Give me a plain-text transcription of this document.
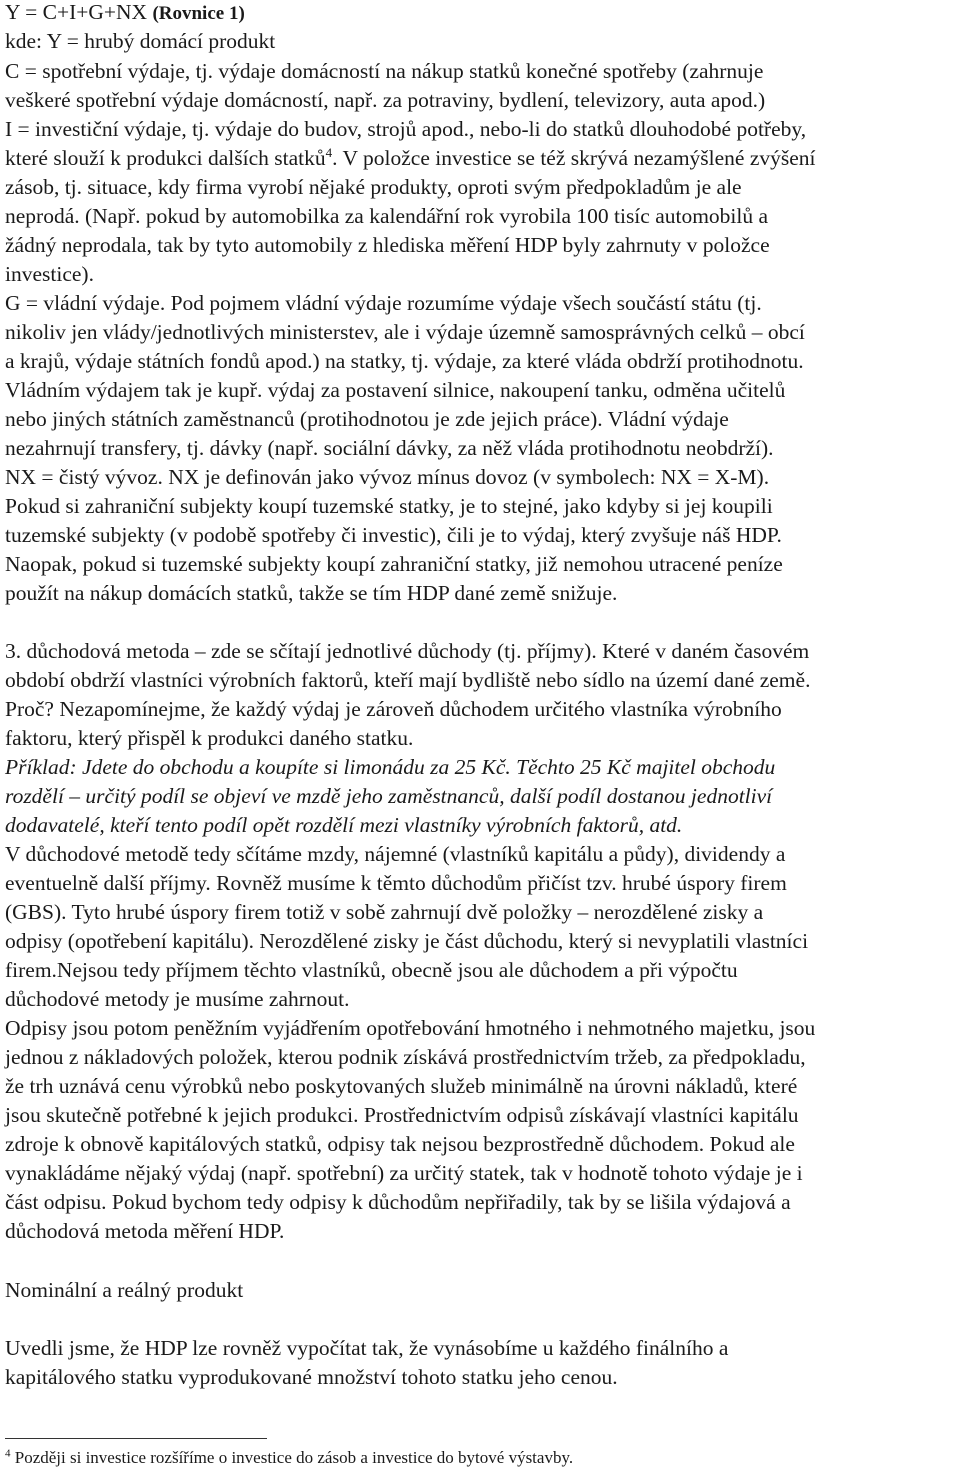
Y = C+I+G+NX (Rovnice 1)
kde: Y = hrubý domácí produkt
C = spotřební výdaje, tj. výdaje domácností na nákup statků konečné spotřeby (zahrnuje
veškeré spotřební výdaje domácností, např. za potraviny, bydlení, televizory, auta apod.)
I = investiční výdaje, tj. výdaje do budov, strojů apod., nebo-li do statků dlouhodobé potřeby,
které slouží k produkci dalších statků$^4$. V položce investice se též skrývá nezamýšlené zvýšení
zásob, tj. situace, kdy firma vyrobí nějaké produkty, oproti svým předpokladům je ale
neprodá. (Např. pokud by automobilka za kalendářní rok vyrobila 100 tisíc automobilů a
žádný neprodala, tak by tyto automobily z hlediska měření HDP byly zahrnuty v položce
investice).
G = vládní výdaje. Pod pojmem vládní výdaje rozumíme výdaje všech součástí státu (tj.
nikoliv jen vlády/jednotlivých ministerstev, ale i výdaje územně samosprávných celků – obcí
a krajů, výdaje státních fondů apod.) na statky, tj. výdaje, za které vláda obdrží protihodnotu.
Vládním výdajem tak je kupř. výdaj za postavení silnice, nakoupení tanku, odměna učitelů
nebo jiných státních zaměstnanců (protihodnotou je zde jejich práce). Vládní výdaje
nezahrnují transfery, tj. dávky (např. sociální dávky, za něž vláda protihodnotu neobdrží).
NX = čistý vývoz. NX je definován jako vývoz mínus dovoz (v symbolech: NX = X-M).
Pokud si zahraniční subjekty koupí tuzemské statky, je to stejné, jako kdyby si jej koupili
tuzemské subjekty (v podobě spotřeby či investic), čili je to výdaj, který zvyšuje náš HDP.
Naopak, pokud si tuzemské subjekty koupí zahraniční statky, již nemohou utracené peníze
použít na nákup domácích statků, takže se tím HDP dané země snižuje.
3. důchodová metoda – zde se sčítají jednotlivé důchody (tj. příjmy). Které v daném časovém
období obdrží vlastníci výrobních faktorů, kteří mají bydliště nebo sídlo na území dané země.
Proč? Nezapomínejme, že každý výdaj je zároveň důchodem určitého vlastníka výrobního
faktoru, který přispěl k produkci daného statku.
Příklad: Jdete do obchodu a koupíte si limonádu za 25 Kč. Těchto 25 Kč majitel obchodu
rozdělí – určitý podíl se objeví ve mzdě jeho zaměstnanců, další podíl dostanou jednotliví
dodavatelé, kteří tento podíl opět rozdělí mezi vlastníky výrobních faktorů, atd.
V důchodové metodě tedy sčítáme mzdy, nájemné (vlastníků kapitálu a půdy), dividendy a
eventuelně další příjmy. Rovněž musíme k těmto důchodům přičíst tzv. hrubé úspory firem
(GBS). Tyto hrubé úspory firem totiž v sobě zahrnují dvě položky – nerozdělené zisky a
odpisy (opotřebení kapitálu). Nerozdělené zisky je část důchodu, který si nevyplatili vlastníci
firem.Nejsou tedy příjmem těchto vlastníků, obecně jsou ale důchodem a při výpočtu
důchodové metody je musíme zahrnout.
Odpisy jsou potom peněžním vyjádřením opotřebování hmotného i nehmotného majetku, jsou
jednou z nákladových položek, kterou podnik získává prostřednictvím tržeb, za předpokladu,
že trh uznává cenu výrobků nebo poskytovaných služeb minimálně na úrovni nákladů, které
jsou skutečně potřebné k jejich produkci. Prostřednictvím odpisů získávají vlastníci kapitálu
zdroje k obnově kapitálových statků, odpisy tak nejsou bezprostředně důchodem. Pokud ale
vynakládáme nějaký výdaj (např. spotřební) za určitý statek, tak v hodnotě tohoto výdaje je i
část odpisu. Pokud bychom tedy odpisy k důchodům nepřiřadily, tak by se lišila výdajová a
důchodová metoda měření HDP.
Nominální a reálný produkt
Uvedli jsme, že HDP lze rovněž vypočítat tak, že vynásobíme u každého finálního a
kapitálového statku vyprodukované množství tohoto statku jeho cenou.
$^4$ Později si investice rozšíříme o investice do zásob a investice do bytové výstavby.
